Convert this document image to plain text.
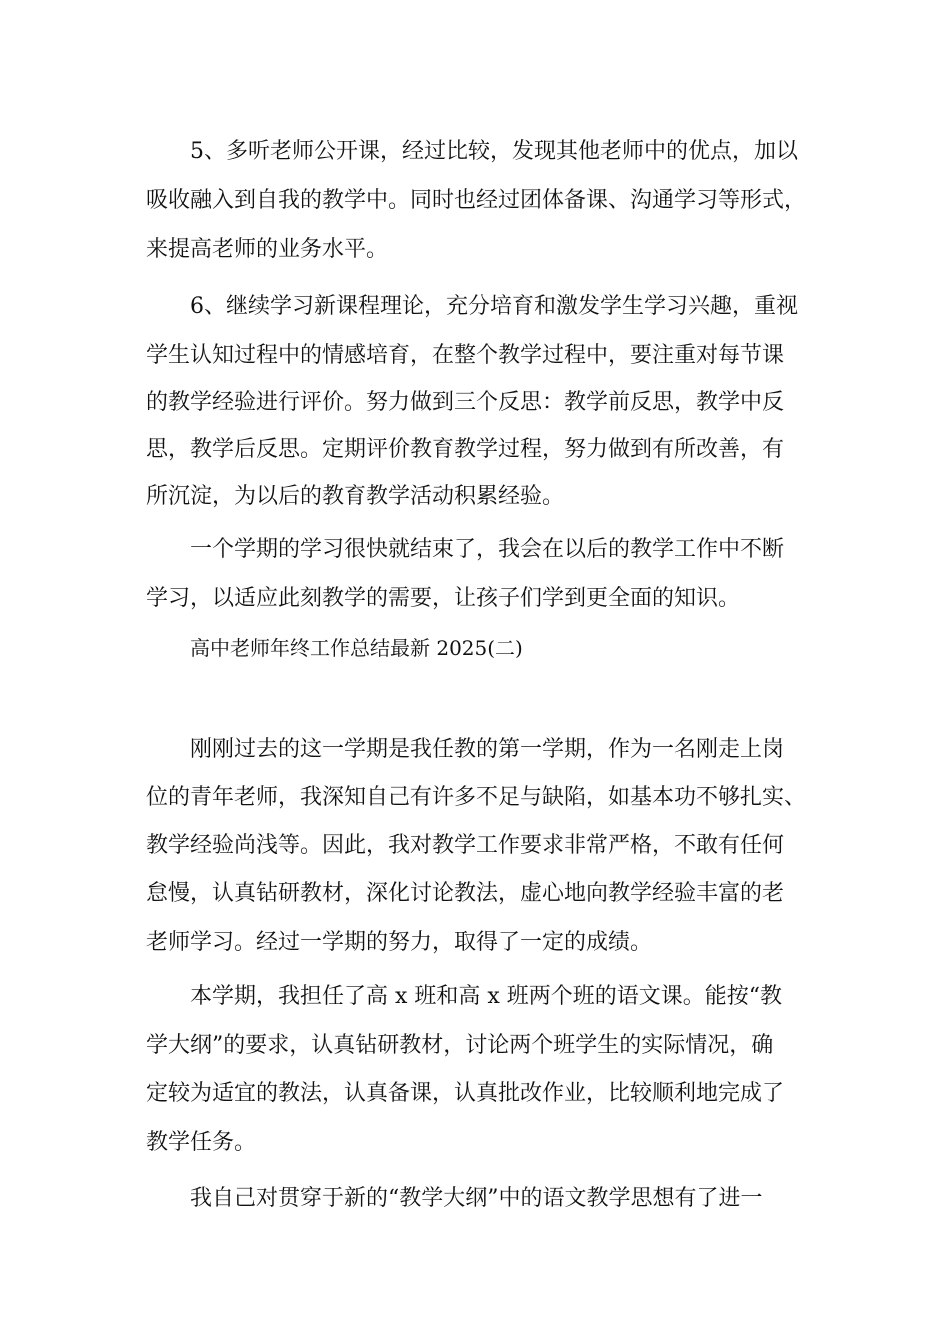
5、多听老师公开课，经过比较，发现其他老师中的优点，加以

吸收融入到自我的教学中。同时也经过团体备课、沟通学习等形式，

来提高老师的业务水平。

6、继续学习新课程理论，充分培育和激发学生学习兴趣，重视

学生认知过程中的情感培育，在整个教学过程中，要注重对每节课

的教学经验进行评价。努力做到三个反思：教学前反思，教学中反

思，教学后反思。定期评价教育教学过程，努力做到有所改善，有

所沉淀，为以后的教育教学活动积累经验。

一个学期的学习很快就结束了，我会在以后的教学工作中不断

学习，以适应此刻教学的需要，让孩子们学到更全面的知识。

高中老师年终工作总结最新 2025(二)

刚刚过去的这一学期是我任教的第一学期，作为一名刚走上岗

位的青年老师，我深知自己有许多不足与缺陷，如基本功不够扎实、

教学经验尚浅等。因此，我对教学工作要求非常严格，不敢有任何

怠慢，认真钻研教材，深化讨论教法，虚心地向教学经验丰富的老

老师学习。经过一学期的努力，取得了一定的成绩。

本学期，我担任了高 x 班和高 x 班两个班的语文课。能按“教

学大纲”的要求，认真钻研教材，讨论两个班学生的实际情况，确

定较为适宜的教法，认真备课，认真批改作业，比较顺利地完成了

教学任务。

我自己对贯穿于新的“教学大纲”中的语文教学思想有了进一
